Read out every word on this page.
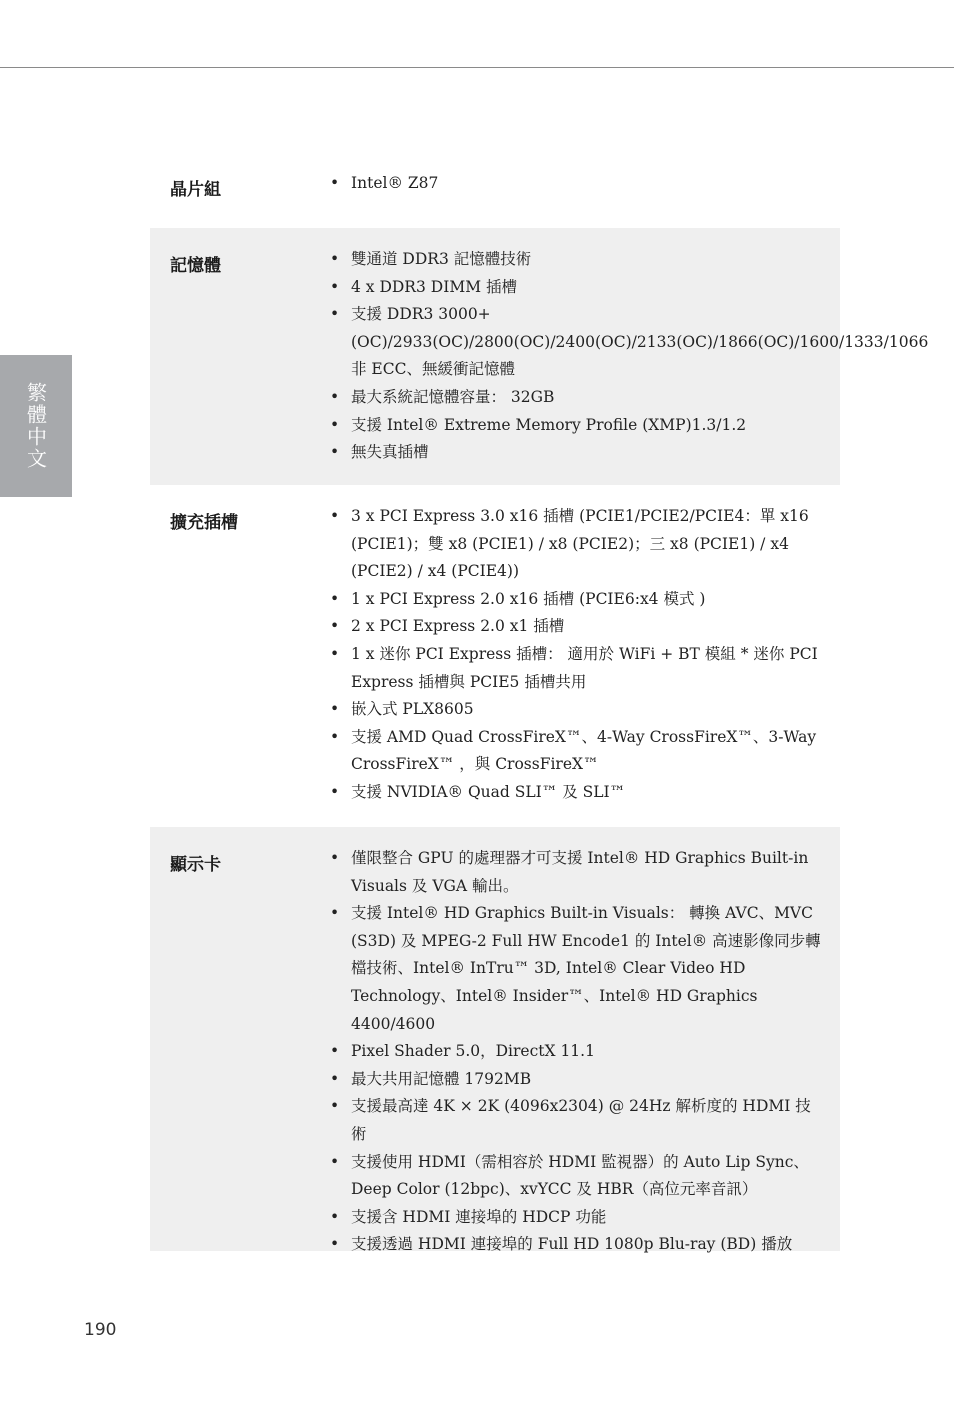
繁體中文
晶片組	• Intel® Z87
記憶體	• 雙通道 DDR3 記憶體技術
• 4 x DDR3 DIMM 插槽
• 支援 DDR3 3000+(OC)/2933(OC)/2800(OC)/2400(OC)/2133(OC)/1866(OC)/1600/1333/1066 非 ECC、無緩衝記憶體
• 最大系統記憶體容量： 32GB
• 支援 Intel® Extreme Memory Profile (XMP)1.3/1.2
• 無失真插槽
擴充插槽	• 3 x PCI Express 3.0 x16 插槽 (PCIE1/PCIE2/PCIE4：單 x16 (PCIE1)；雙 x8 (PCIE1) / x8 (PCIE2)；三 x8 (PCIE1) / x4 (PCIE2) / x4 (PCIE4))
• 1 x PCI Express 2.0 x16 插槽 (PCIE6:x4 模式 )
• 2 x PCI Express 2.0 x1 插槽
• 1 x 迷你 PCI Express 插槽： 適用於 WiFi + BT 模組 * 迷你 PCI Express 插槽與 PCIE5 插槽共用
• 嵌入式 PLX8605
• 支援 AMD Quad CrossFireX™、4-Way CrossFireX™、3-Way CrossFireX™ ，與 CrossFireX™
• 支援 NVIDIA® Quad SLI™ 及 SLI™
顯示卡	• 僅限整合 GPU 的處理器才可支援 Intel® HD Graphics Built-in Visuals 及 VGA 輸出。
• 支援 Intel® HD Graphics Built-in Visuals： 轉換 AVC、MVC (S3D) 及 MPEG-2 Full HW Encode1 的 Intel® 高速影像同步轉檔技術、Intel® InTru™ 3D, Intel® Clear Video HD Technology、Intel® Insider™、Intel® HD Graphics 4400/4600
• Pixel Shader 5.0，DirectX 11.1
• 最大共用記憶體 1792MB
• 支援最高達 4K × 2K (4096x2304) @ 24Hz 解析度的 HDMI 技術
• 支援使用 HDMI（需相容於 HDMI 監視器）的 Auto Lip Sync、Deep Color (12bpc)、xvYCC 及 HBR（高位元率音訊）
• 支援含 HDMI 連接埠的 HDCP 功能
• 支援透過 HDMI 連接埠的 Full HD 1080p Blu-ray (BD) 播放
190
